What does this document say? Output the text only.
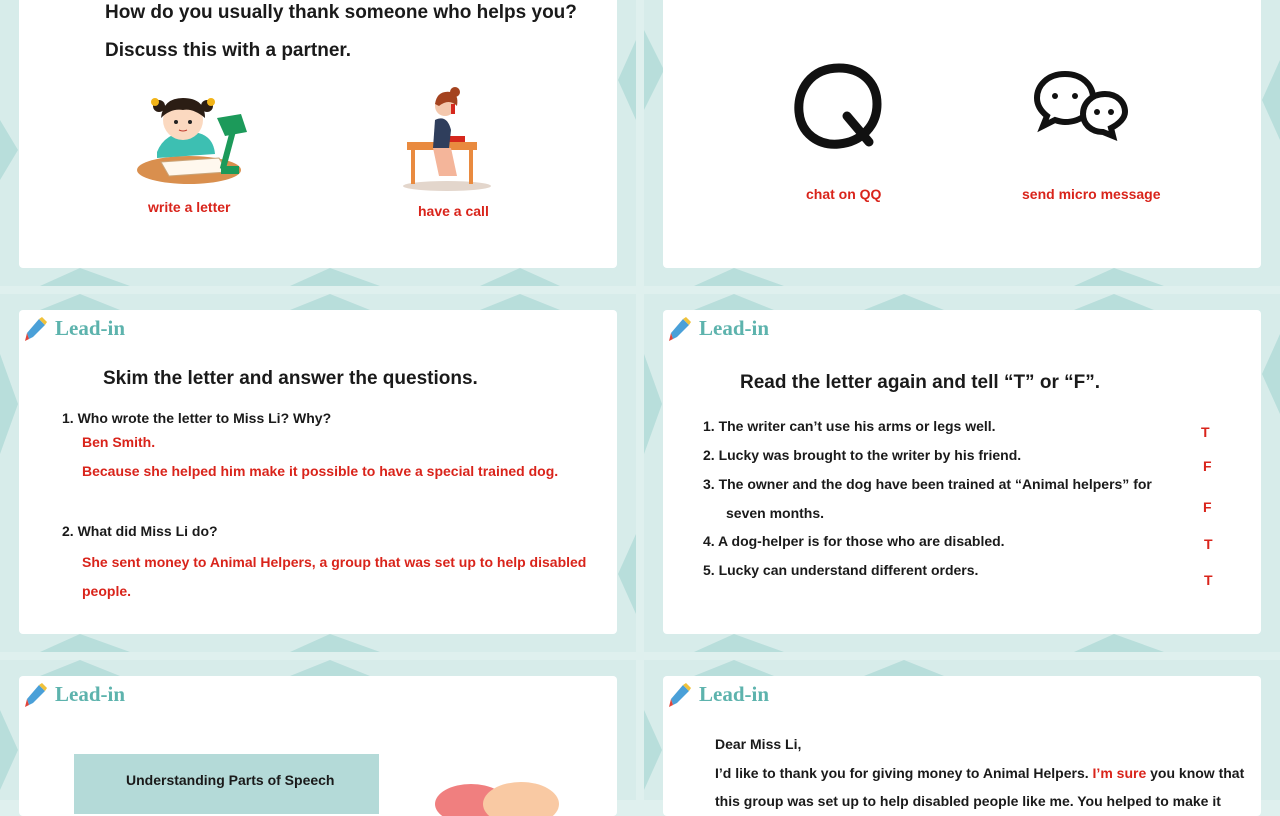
How do you usually thank someone who helps you?
Discuss this with a partner.
write a letter	have a call
chat on QQ	send micro message
Lead-in
Skim the letter and answer the questions.
1. Who wrote the letter to Miss Li? Why?
Ben Smith.
Because she helped him make it possible to have a special trained dog.
2. What did Miss Li do?
She sent money to Animal Helpers, a group that was set up to help disabled
people.
Lead-in
Read the letter again and tell “T” or “F”.
1. The writer can’t use his arms or legs well.
2. Lucky was brought to the writer by his friend.
3. The owner and the dog have been trained at “Animal helpers” for
seven months.
4. A dog-helper is for those who are disabled.
5. Lucky can understand different orders.
T
F
F
T
T
Lead-in
Understanding Parts of Speech
Lead-in
Dear Miss Li,
I’d like to thank you for giving money to Animal Helpers. I’m sure you know that
this group was set up to help disabled people like me. You helped to make it
